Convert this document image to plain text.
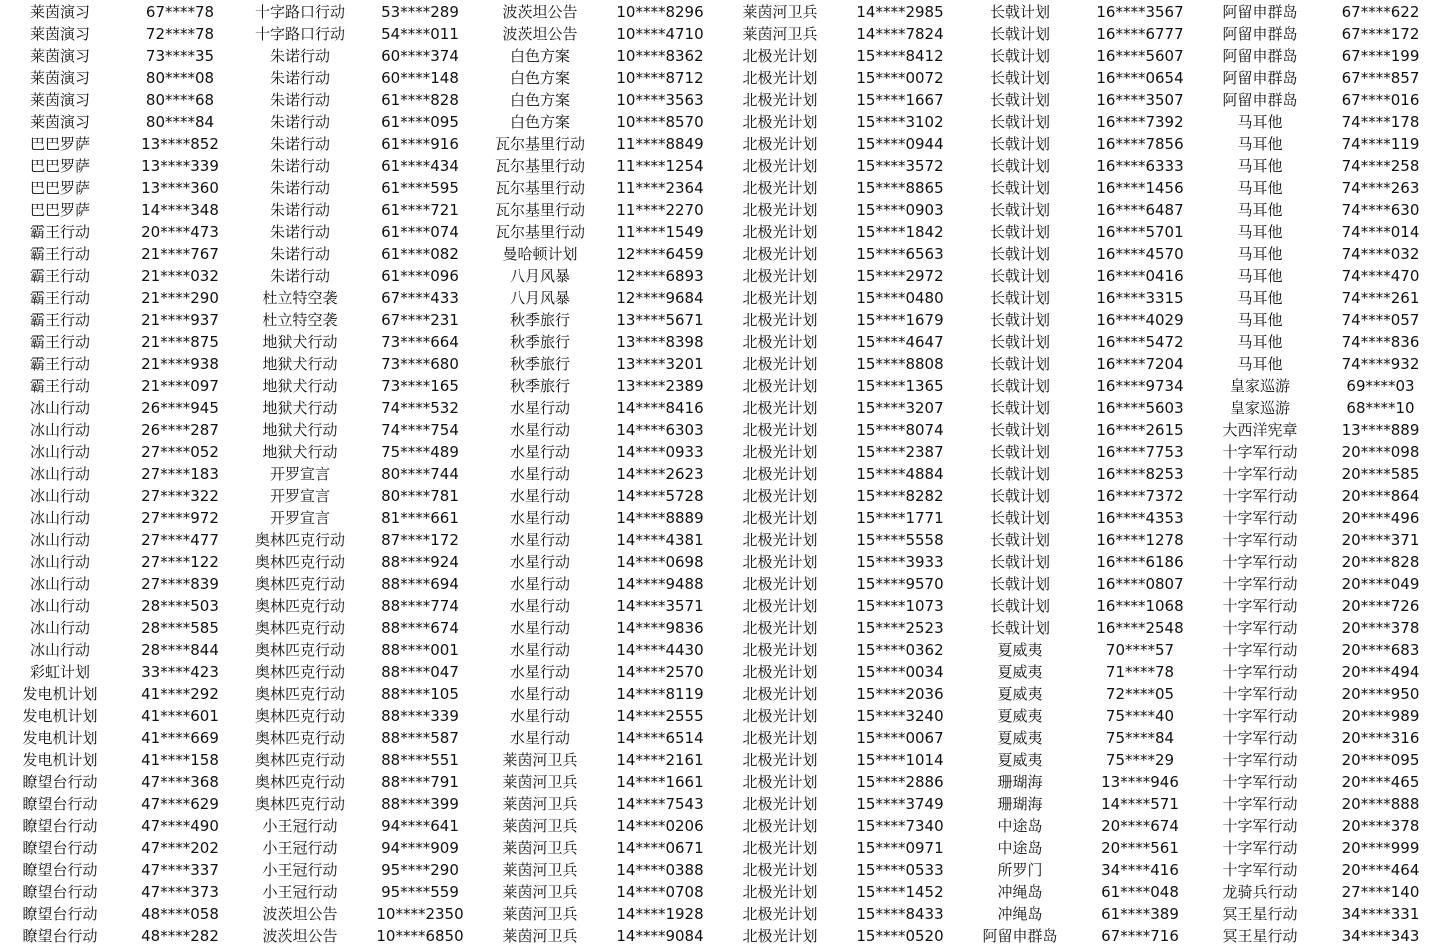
莱茵演习	67****78	十字路口行动	53****289	波茨坦公告	10****8296	莱茵河卫兵	14****2985	长戟计划	16****3567	阿留申群岛	67****622
莱茵演习	72****78	十字路口行动	54****011	波茨坦公告	10****4710	莱茵河卫兵	14****7824	长戟计划	16****6777	阿留申群岛	67****172
莱茵演习	73****35	朱诺行动	60****374	白色方案	10****8362	北极光计划	15****8412	长戟计划	16****5607	阿留申群岛	67****199
莱茵演习	80****08	朱诺行动	60****148	白色方案	10****8712	北极光计划	15****0072	长戟计划	16****0654	阿留申群岛	67****857
莱茵演习	80****68	朱诺行动	61****828	白色方案	10****3563	北极光计划	15****1667	长戟计划	16****3507	阿留申群岛	67****016
莱茵演习	80****84	朱诺行动	61****095	白色方案	10****8570	北极光计划	15****3102	长戟计划	16****7392	马耳他	74****178
巴巴罗萨	13****852	朱诺行动	61****916	瓦尔基里行动	11****8849	北极光计划	15****0944	长戟计划	16****7856	马耳他	74****119
巴巴罗萨	13****339	朱诺行动	61****434	瓦尔基里行动	11****1254	北极光计划	15****3572	长戟计划	16****6333	马耳他	74****258
巴巴罗萨	13****360	朱诺行动	61****595	瓦尔基里行动	11****2364	北极光计划	15****8865	长戟计划	16****1456	马耳他	74****263
巴巴罗萨	14****348	朱诺行动	61****721	瓦尔基里行动	11****2270	北极光计划	15****0903	长戟计划	16****6487	马耳他	74****630
霸王行动	20****473	朱诺行动	61****074	瓦尔基里行动	11****1549	北极光计划	15****1842	长戟计划	16****5701	马耳他	74****014
霸王行动	21****767	朱诺行动	61****082	曼哈顿计划	12****6459	北极光计划	15****6563	长戟计划	16****4570	马耳他	74****032
霸王行动	21****032	朱诺行动	61****096	八月风暴	12****6893	北极光计划	15****2972	长戟计划	16****0416	马耳他	74****470
霸王行动	21****290	杜立特空袭	67****433	八月风暴	12****9684	北极光计划	15****0480	长戟计划	16****3315	马耳他	74****261
霸王行动	21****937	杜立特空袭	67****231	秋季旅行	13****5671	北极光计划	15****1679	长戟计划	16****4029	马耳他	74****057
霸王行动	21****875	地狱犬行动	73****664	秋季旅行	13****8398	北极光计划	15****4647	长戟计划	16****5472	马耳他	74****836
霸王行动	21****938	地狱犬行动	73****680	秋季旅行	13****3201	北极光计划	15****8808	长戟计划	16****7204	马耳他	74****932
霸王行动	21****097	地狱犬行动	73****165	秋季旅行	13****2389	北极光计划	15****1365	长戟计划	16****9734	皇家巡游	69****03
冰山行动	26****945	地狱犬行动	74****532	水星行动	14****8416	北极光计划	15****3207	长戟计划	16****5603	皇家巡游	68****10
冰山行动	26****287	地狱犬行动	74****754	水星行动	14****6303	北极光计划	15****8074	长戟计划	16****2615	大西洋宪章	13****889
冰山行动	27****052	地狱犬行动	75****489	水星行动	14****0933	北极光计划	15****2387	长戟计划	16****7753	十字军行动	20****098
冰山行动	27****183	开罗宣言	80****744	水星行动	14****2623	北极光计划	15****4884	长戟计划	16****8253	十字军行动	20****585
冰山行动	27****322	开罗宣言	80****781	水星行动	14****5728	北极光计划	15****8282	长戟计划	16****7372	十字军行动	20****864
冰山行动	27****972	开罗宣言	81****661	水星行动	14****8889	北极光计划	15****1771	长戟计划	16****4353	十字军行动	20****496
冰山行动	27****477	奥林匹克行动	87****172	水星行动	14****4381	北极光计划	15****5558	长戟计划	16****1278	十字军行动	20****371
冰山行动	27****122	奥林匹克行动	88****924	水星行动	14****0698	北极光计划	15****3933	长戟计划	16****6186	十字军行动	20****828
冰山行动	27****839	奥林匹克行动	88****694	水星行动	14****9488	北极光计划	15****9570	长戟计划	16****0807	十字军行动	20****049
冰山行动	28****503	奥林匹克行动	88****774	水星行动	14****3571	北极光计划	15****1073	长戟计划	16****1068	十字军行动	20****726
冰山行动	28****585	奥林匹克行动	88****674	水星行动	14****9836	北极光计划	15****2523	长戟计划	16****2548	十字军行动	20****378
冰山行动	28****844	奥林匹克行动	88****001	水星行动	14****4430	北极光计划	15****0362	夏威夷	70****57	十字军行动	20****683
彩虹计划	33****423	奥林匹克行动	88****047	水星行动	14****2570	北极光计划	15****0034	夏威夷	71****78	十字军行动	20****494
发电机计划	41****292	奥林匹克行动	88****105	水星行动	14****8119	北极光计划	15****2036	夏威夷	72****05	十字军行动	20****950
发电机计划	41****601	奥林匹克行动	88****339	水星行动	14****2555	北极光计划	15****3240	夏威夷	75****40	十字军行动	20****989
发电机计划	41****669	奥林匹克行动	88****587	水星行动	14****6514	北极光计划	15****0067	夏威夷	75****84	十字军行动	20****316
发电机计划	41****158	奥林匹克行动	88****551	莱茵河卫兵	14****2161	北极光计划	15****1014	夏威夷	75****29	十字军行动	20****095
瞭望台行动	47****368	奥林匹克行动	88****791	莱茵河卫兵	14****1661	北极光计划	15****2886	珊瑚海	13****946	十字军行动	20****465
瞭望台行动	47****629	奥林匹克行动	88****399	莱茵河卫兵	14****7543	北极光计划	15****3749	珊瑚海	14****571	十字军行动	20****888
瞭望台行动	47****490	小王冠行动	94****641	莱茵河卫兵	14****0206	北极光计划	15****7340	中途岛	20****674	十字军行动	20****378
瞭望台行动	47****202	小王冠行动	94****909	莱茵河卫兵	14****0671	北极光计划	15****0971	中途岛	20****561	十字军行动	20****999
瞭望台行动	47****337	小王冠行动	95****290	莱茵河卫兵	14****0388	北极光计划	15****0533	所罗门	34****416	十字军行动	20****464
瞭望台行动	47****373	小王冠行动	95****559	莱茵河卫兵	14****0708	北极光计划	15****1452	冲绳岛	61****048	龙骑兵行动	27****140
瞭望台行动	48****058	波茨坦公告	10****2350	莱茵河卫兵	14****1928	北极光计划	15****8433	冲绳岛	61****389	冥王星行动	34****331
瞭望台行动	48****282	波茨坦公告	10****6850	莱茵河卫兵	14****9084	北极光计划	15****0520	阿留申群岛	67****716	冥王星行动	34****343
